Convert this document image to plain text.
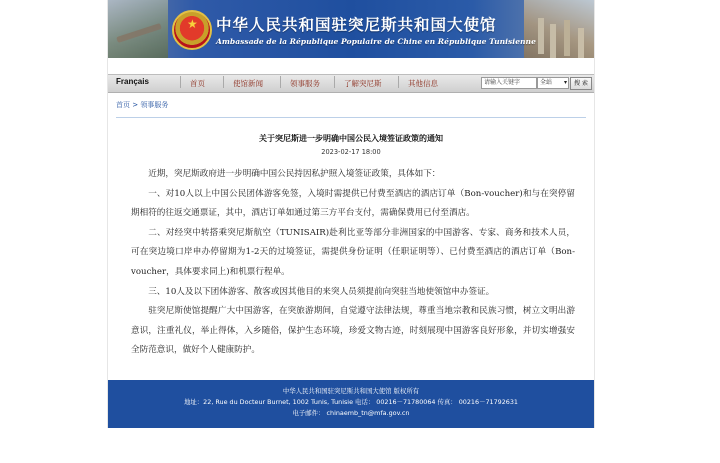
★ 中华人民共和国驻突尼斯共和国大使馆
Ambassade de la République Populaire de Chine en République Tunisienne
Français	首页	使馆新闻	领事服务	了解突尼斯	其他信息	请输入关键字	全站 ▾	搜 索
首页 > 领事服务
关于突尼斯进一步明确中国公民入境签证政策的通知
2023-02-17 18:00

近期，突尼斯政府进一步明确中国公民持因私护照入境签证政策，具体如下：

一、对10人以上中国公民团体游客免签，入境时需提供已付费至酒店的酒店订单（Bon-voucher)和与在突停留期相符的往返交通票证，其中，酒店订单如通过第三方平台支付，需确保费用已付至酒店。

二、对经突中转搭乘突尼斯航空（TUNISAIR)赴利比亚等部分非洲国家的中国游客、专家、商务和技术人员，可在突边境口岸申办停留期为1-2天的过境签证，需提供身份证明（任职证明等）、已付费至酒店的酒店订单（Bon-voucher，具体要求同上)和机票行程单。

三、10人及以下团体游客、散客或因其他目的来突人员须提前向突驻当地使领馆申办签证。

驻突尼斯使馆提醒广大中国游客，在突旅游期间，自觉遵守法律法规，尊重当地宗教和民族习惯，树立文明出游意识，注重礼仪，举止得体，入乡随俗，保护生态环境，珍爱文物古迹，时刻展现中国游客良好形象，并切实增强安全防范意识，做好个人健康防护。

中华人民共和国驻突尼斯共和国大使馆 版权所有
地址：22, Rue du Docteur Burnet, 1002 Tunis, Tunisie 电话： 00216－71780064 传真： 00216－71792631
电子邮件： chinaemb_tn@mfa.gov.cn
